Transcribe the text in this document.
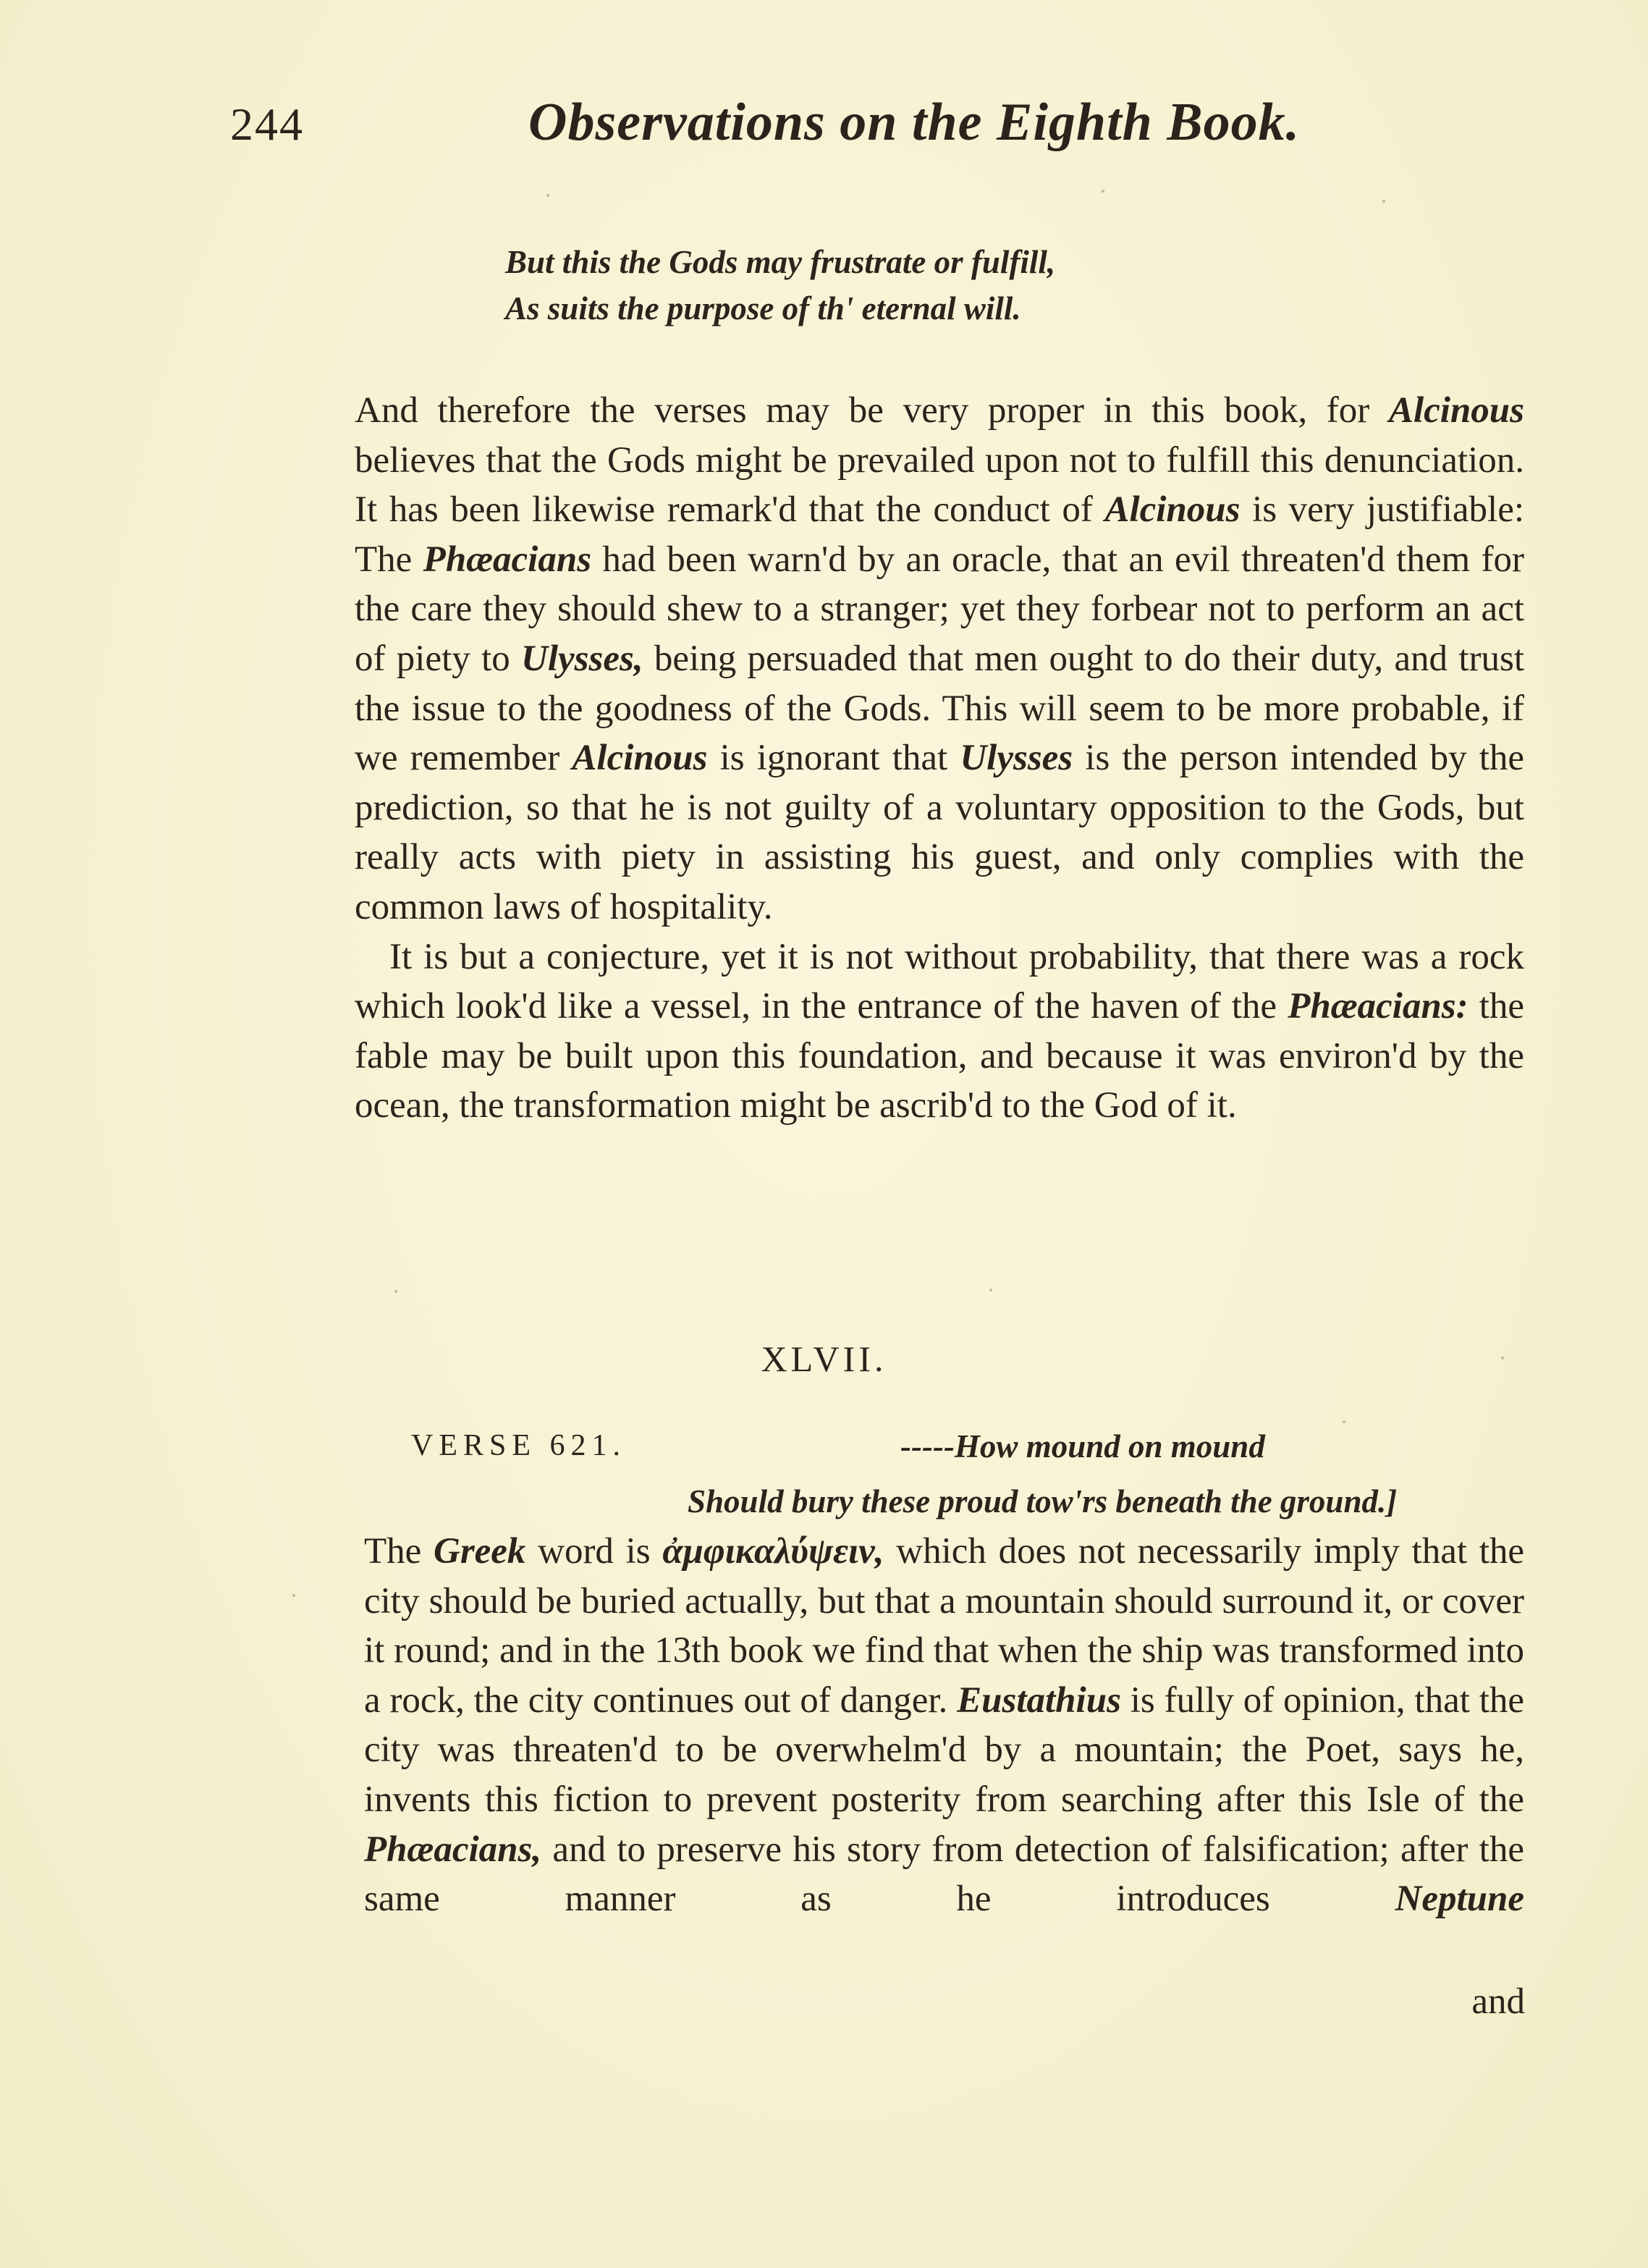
244	Observations on the Eighth Book.
But this the Gods may frustrate or fulfill,
As suits the purpose of th' eternal will.

And therefore the verses may be very proper in this book, for Alcinous believes that the Gods might be prevailed upon not to fulfill this denunciation. It has been likewise remark'd that the conduct of Alcinous is very justifiable: The Phæacians had been warn'd by an oracle, that an evil threaten'd them for the care they should shew to a stranger; yet they forbear not to perform an act of piety to Ulysses, being persuaded that men ought to do their duty, and trust the issue to the goodness of the Gods. This will seem to be more probable, if we remember Alcinous is ignorant that Ulysses is the person intended by the prediction, so that he is not guilty of a voluntary opposition to the Gods, but really acts with piety in assisting his guest, and only complies with the common laws of hospitality.

It is but a conjecture, yet it is not without probability, that there was a rock which look'd like a vessel, in the entrance of the haven of the Phæacians: the fable may be built upon this foundation, and because it was environ'd by the ocean, the transformation might be ascrib'd to the God of it.

XLVII.
VERSE 621.	-----How mound on mound
Should bury these proud tow'rs beneath the ground.]

The Greek word is ἀμφικαλύψειν, which does not necessarily imply that the city should be buried actually, but that a mountain should surround it, or cover it round; and in the 13th book we find that when the ship was transformed into a rock, the city continues out of danger. Eustathius is fully of opinion, that the city was threaten'd to be overwhelm'd by a mountain; the Poet, says he, invents this fiction to prevent posterity from searching after this Isle of the Phæacians, and to preserve his story from detection of falsification; after the same manner as he introduces Neptune

and
